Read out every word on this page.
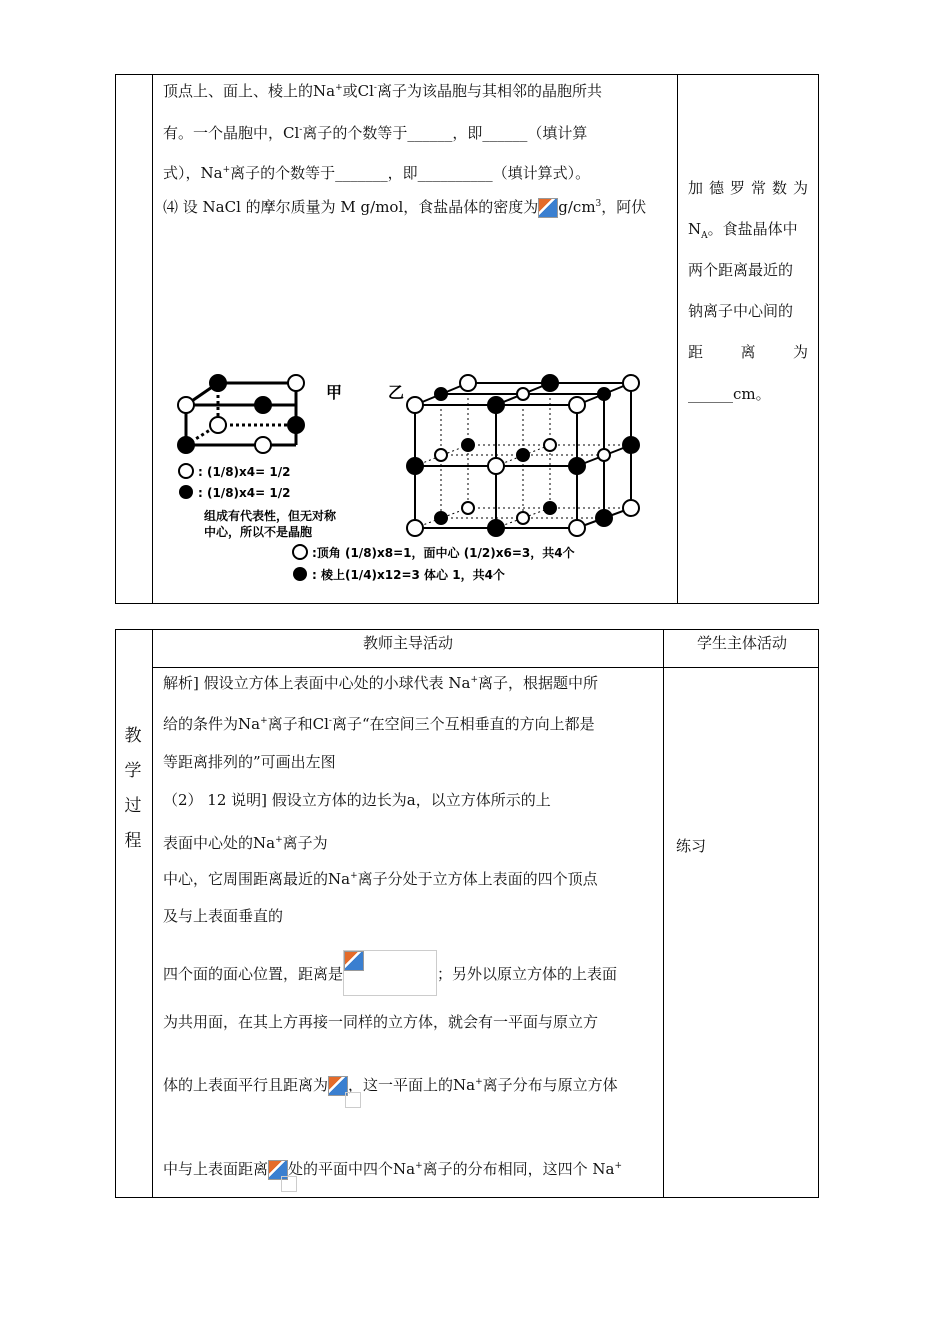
顶点上、面上、棱上的Na+或Cl-离子为该晶胞与其相邻的晶胞所共
有。一个晶胞中，Cl-离子的个数等于______，即______（填计算
式），Na+离子的个数等于_______，即__________（填计算式）。
⑷ 设 NaCl 的摩尔质量为 M g/mol，食盐晶体的密度为 $g/cm^3$，阿伏
加 德 罗 常 数 为
$N_A$。食盐晶体中
两个距离最近的
钠离子中心间的
距 离 为
______cm。
甲	乙
: (1/8)x4= 1/2
: (1/8)x4= 1/2
组成有代表性，但无对称
中心，所以不是晶胞
:顶角 (1/8)x8=1，面中心 (1/2)x6=3，共4个
: 棱上(1/4)x12=3 体心 1，共4个

教师主导活动	学生主体活动
教
学
过
程	练习
解析] 假设立方体上表面中心处的小球代表 Na+离子，根据题中所
给的条件为Na+离子和Cl-离子“在空间三个互相垂直的方向上都是
等距离排列的”可画出左图
（2） 12 说明] 假设立方体的边长为a，以立方体所示的上
表面中心处的Na+离子为
中心，它周围距离最近的Na+离子分处于立方体上表面的四个顶点
及与上表面垂直的
四个面的面心位置，距离是	；另外以原立方体的上表面
为共用面，在其上方再接一同样的立方体，就会有一平面与原立方
体的上表面平行且距离为 ，这一平面上的Na+离子分布与原立方体
中与上表面距离 处的平面中四个Na+离子的分布相同，这四个 Na+
